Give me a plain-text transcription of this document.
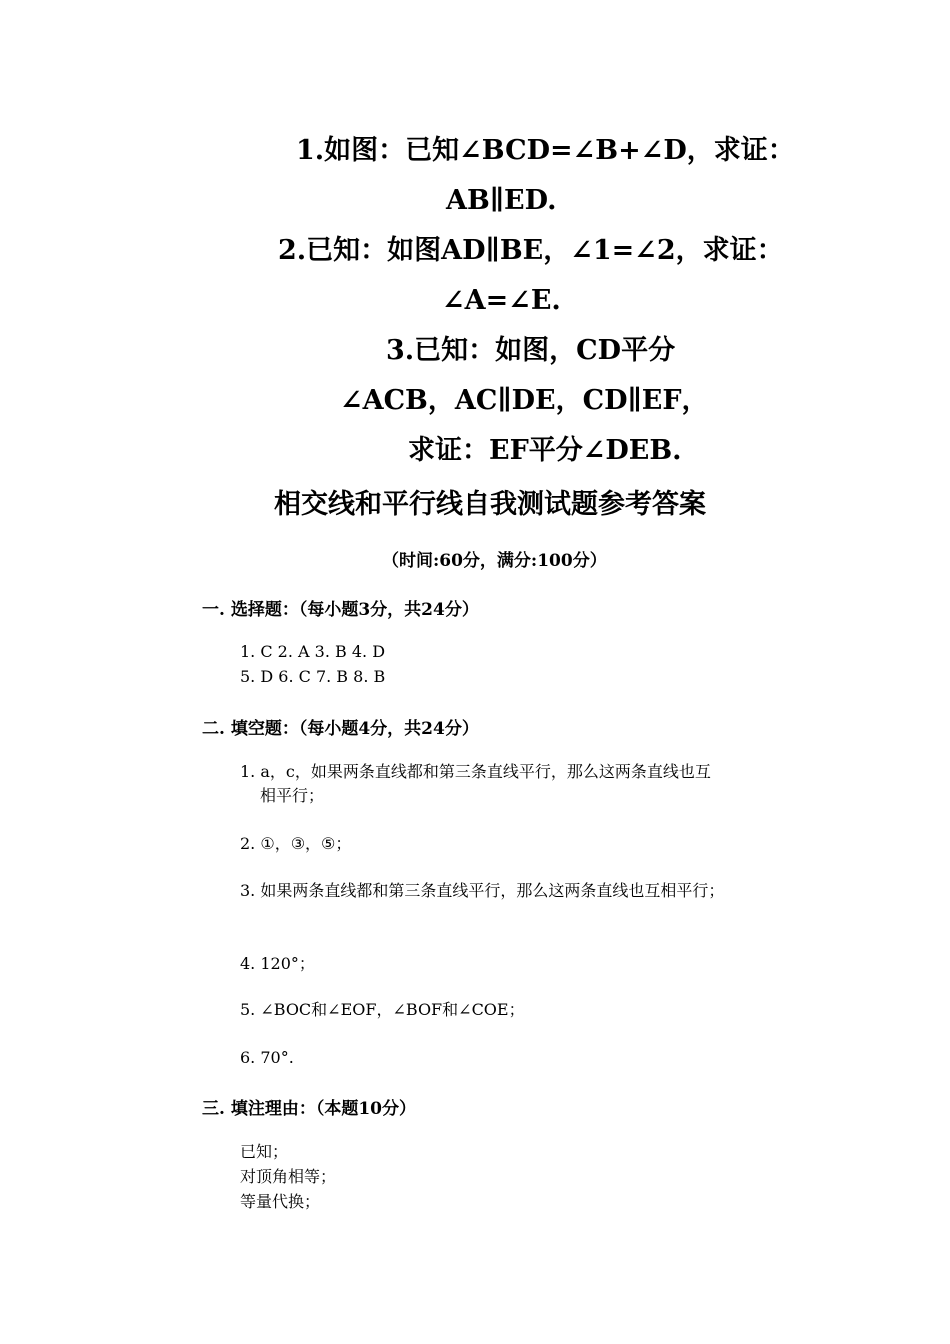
1.如图：已知∠BCD=∠B+∠D，求证：
AB∥ED.
2.已知：如图AD∥BE，∠1=∠2，求证：
∠A=∠E.
3.已知：如图，CD平分
∠ACB，AC∥DE，CD∥EF，
求证：EF平分∠DEB.
相交线和平行线自我测试题参考答案
（时间:60分，满分:100分）
一. 选择题：（每小题3分，共24分）
1. C 2. A 3. B 4. D
5. D 6. C 7. B 8. B
二. 填空题：（每小题4分，共24分）
1. a，c，如果两条直线都和第三条直线平行，那么这两条直线也互
相平行；
2. ①，③，⑤；
3. 如果两条直线都和第三条直线平行，那么这两条直线也互相平行；
4. 120°；
5. ∠BOC和∠EOF，∠BOF和∠COE；
6. 70°.
三. 填注理由：（本题10分）
已知；
对顶角相等；
等量代换；
